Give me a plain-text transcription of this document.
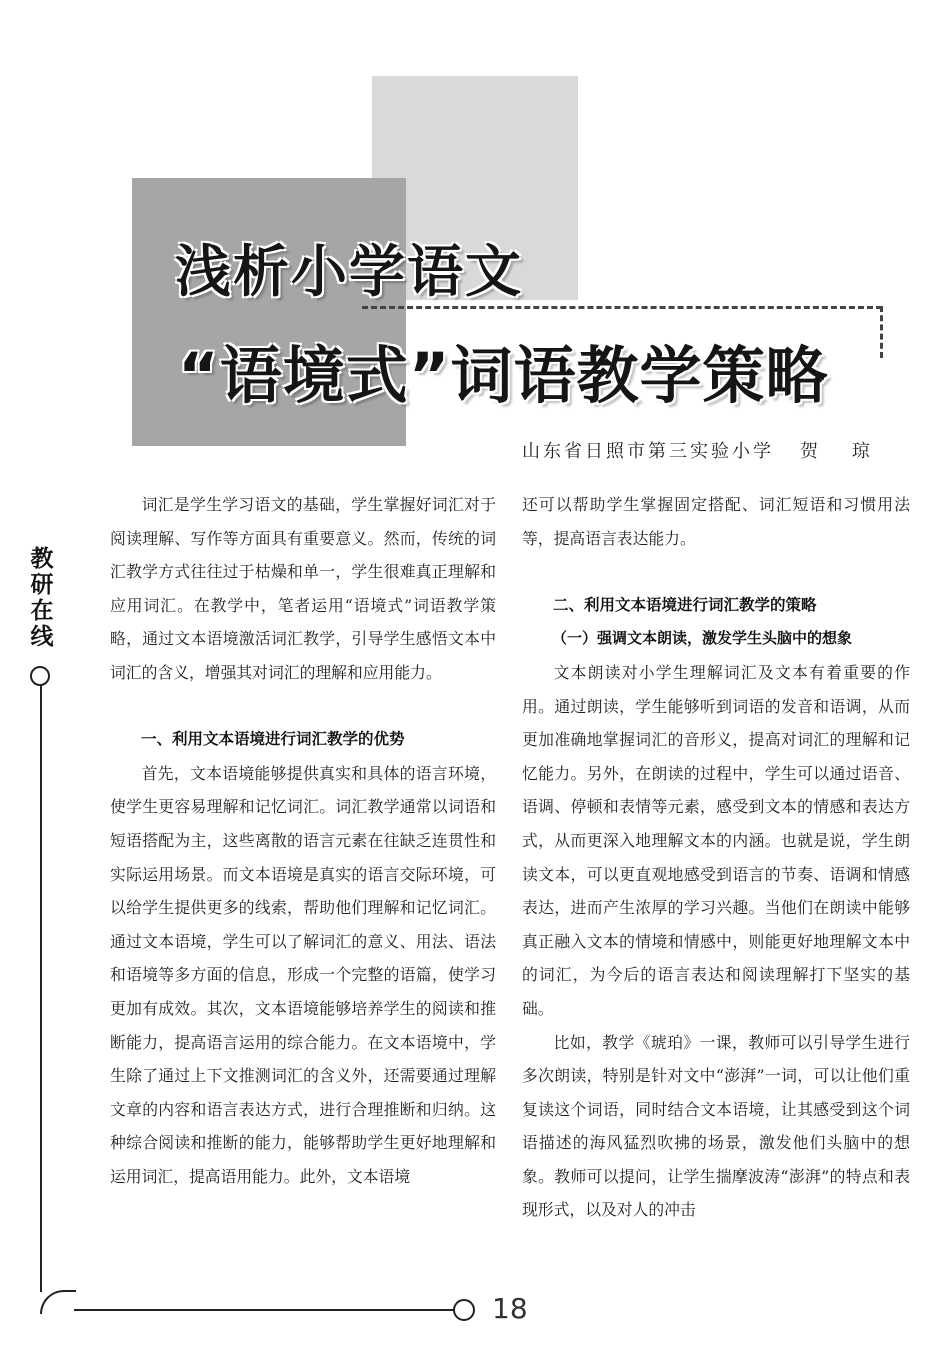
浅析小学语文
“语境式”词语教学策略
山东省日照市第三实验小学 贺 琼
教
研
在
线
18

词汇是学生学习语文的基础，学生掌握好词汇对于阅读理解、写作等方面具有重要意义。然而，传统的词汇教学方式往往过于枯燥和单一，学生很难真正理解和应用词汇。在教学中，笔者运用“语境式”词语教学策略，通过文本语境激活词汇教学，引导学生感悟文本中词汇的含义，增强其对词汇的理解和应用能力。

一、利用文本语境进行词汇教学的优势

首先，文本语境能够提供真实和具体的语言环境，使学生更容易理解和记忆词汇。词汇教学通常以词语和短语搭配为主，这些离散的语言元素在往缺乏连贯性和实际运用场景。而文本语境是真实的语言交际环境，可以给学生提供更多的线索，帮助他们理解和记忆词汇。通过文本语境，学生可以了解词汇的意义、用法、语法和语境等多方面的信息，形成一个完整的语篇，使学习更加有成效。其次，文本语境能够培养学生的阅读和推断能力，提高语言运用的综合能力。在文本语境中，学生除了通过上下文推测词汇的含义外，还需要通过理解文章的内容和语言表达方式，进行合理推断和归纳。这种综合阅读和推断的能力，能够帮助学生更好地理解和运用词汇，提高语用能力。此外，文本语境

还可以帮助学生掌握固定搭配、词汇短语和习惯用法等，提高语言表达能力。

二、利用文本语境进行词汇教学的策略
（一）强调文本朗读，激发学生头脑中的想象

文本朗读对小学生理解词汇及文本有着重要的作用。通过朗读，学生能够听到词语的发音和语调，从而更加准确地掌握词汇的音形义，提高对词汇的理解和记忆能力。另外，在朗读的过程中，学生可以通过语音、语调、停顿和表情等元素，感受到文本的情感和表达方式，从而更深入地理解文本的内涵。也就是说，学生朗读文本，可以更直观地感受到语言的节奏、语调和情感表达，进而产生浓厚的学习兴趣。当他们在朗读中能够真正融入文本的情境和情感中，则能更好地理解文本中的词汇，为今后的语言表达和阅读理解打下坚实的基础。

比如，教学《琥珀》一课，教师可以引导学生进行多次朗读，特别是针对文中“澎湃”一词，可以让他们重复读这个词语，同时结合文本语境，让其感受到这个词语描述的海风猛烈吹拂的场景，激发他们头脑中的想象。教师可以提问，让学生揣摩波涛“澎湃”的特点和表现形式，以及对人的冲击
